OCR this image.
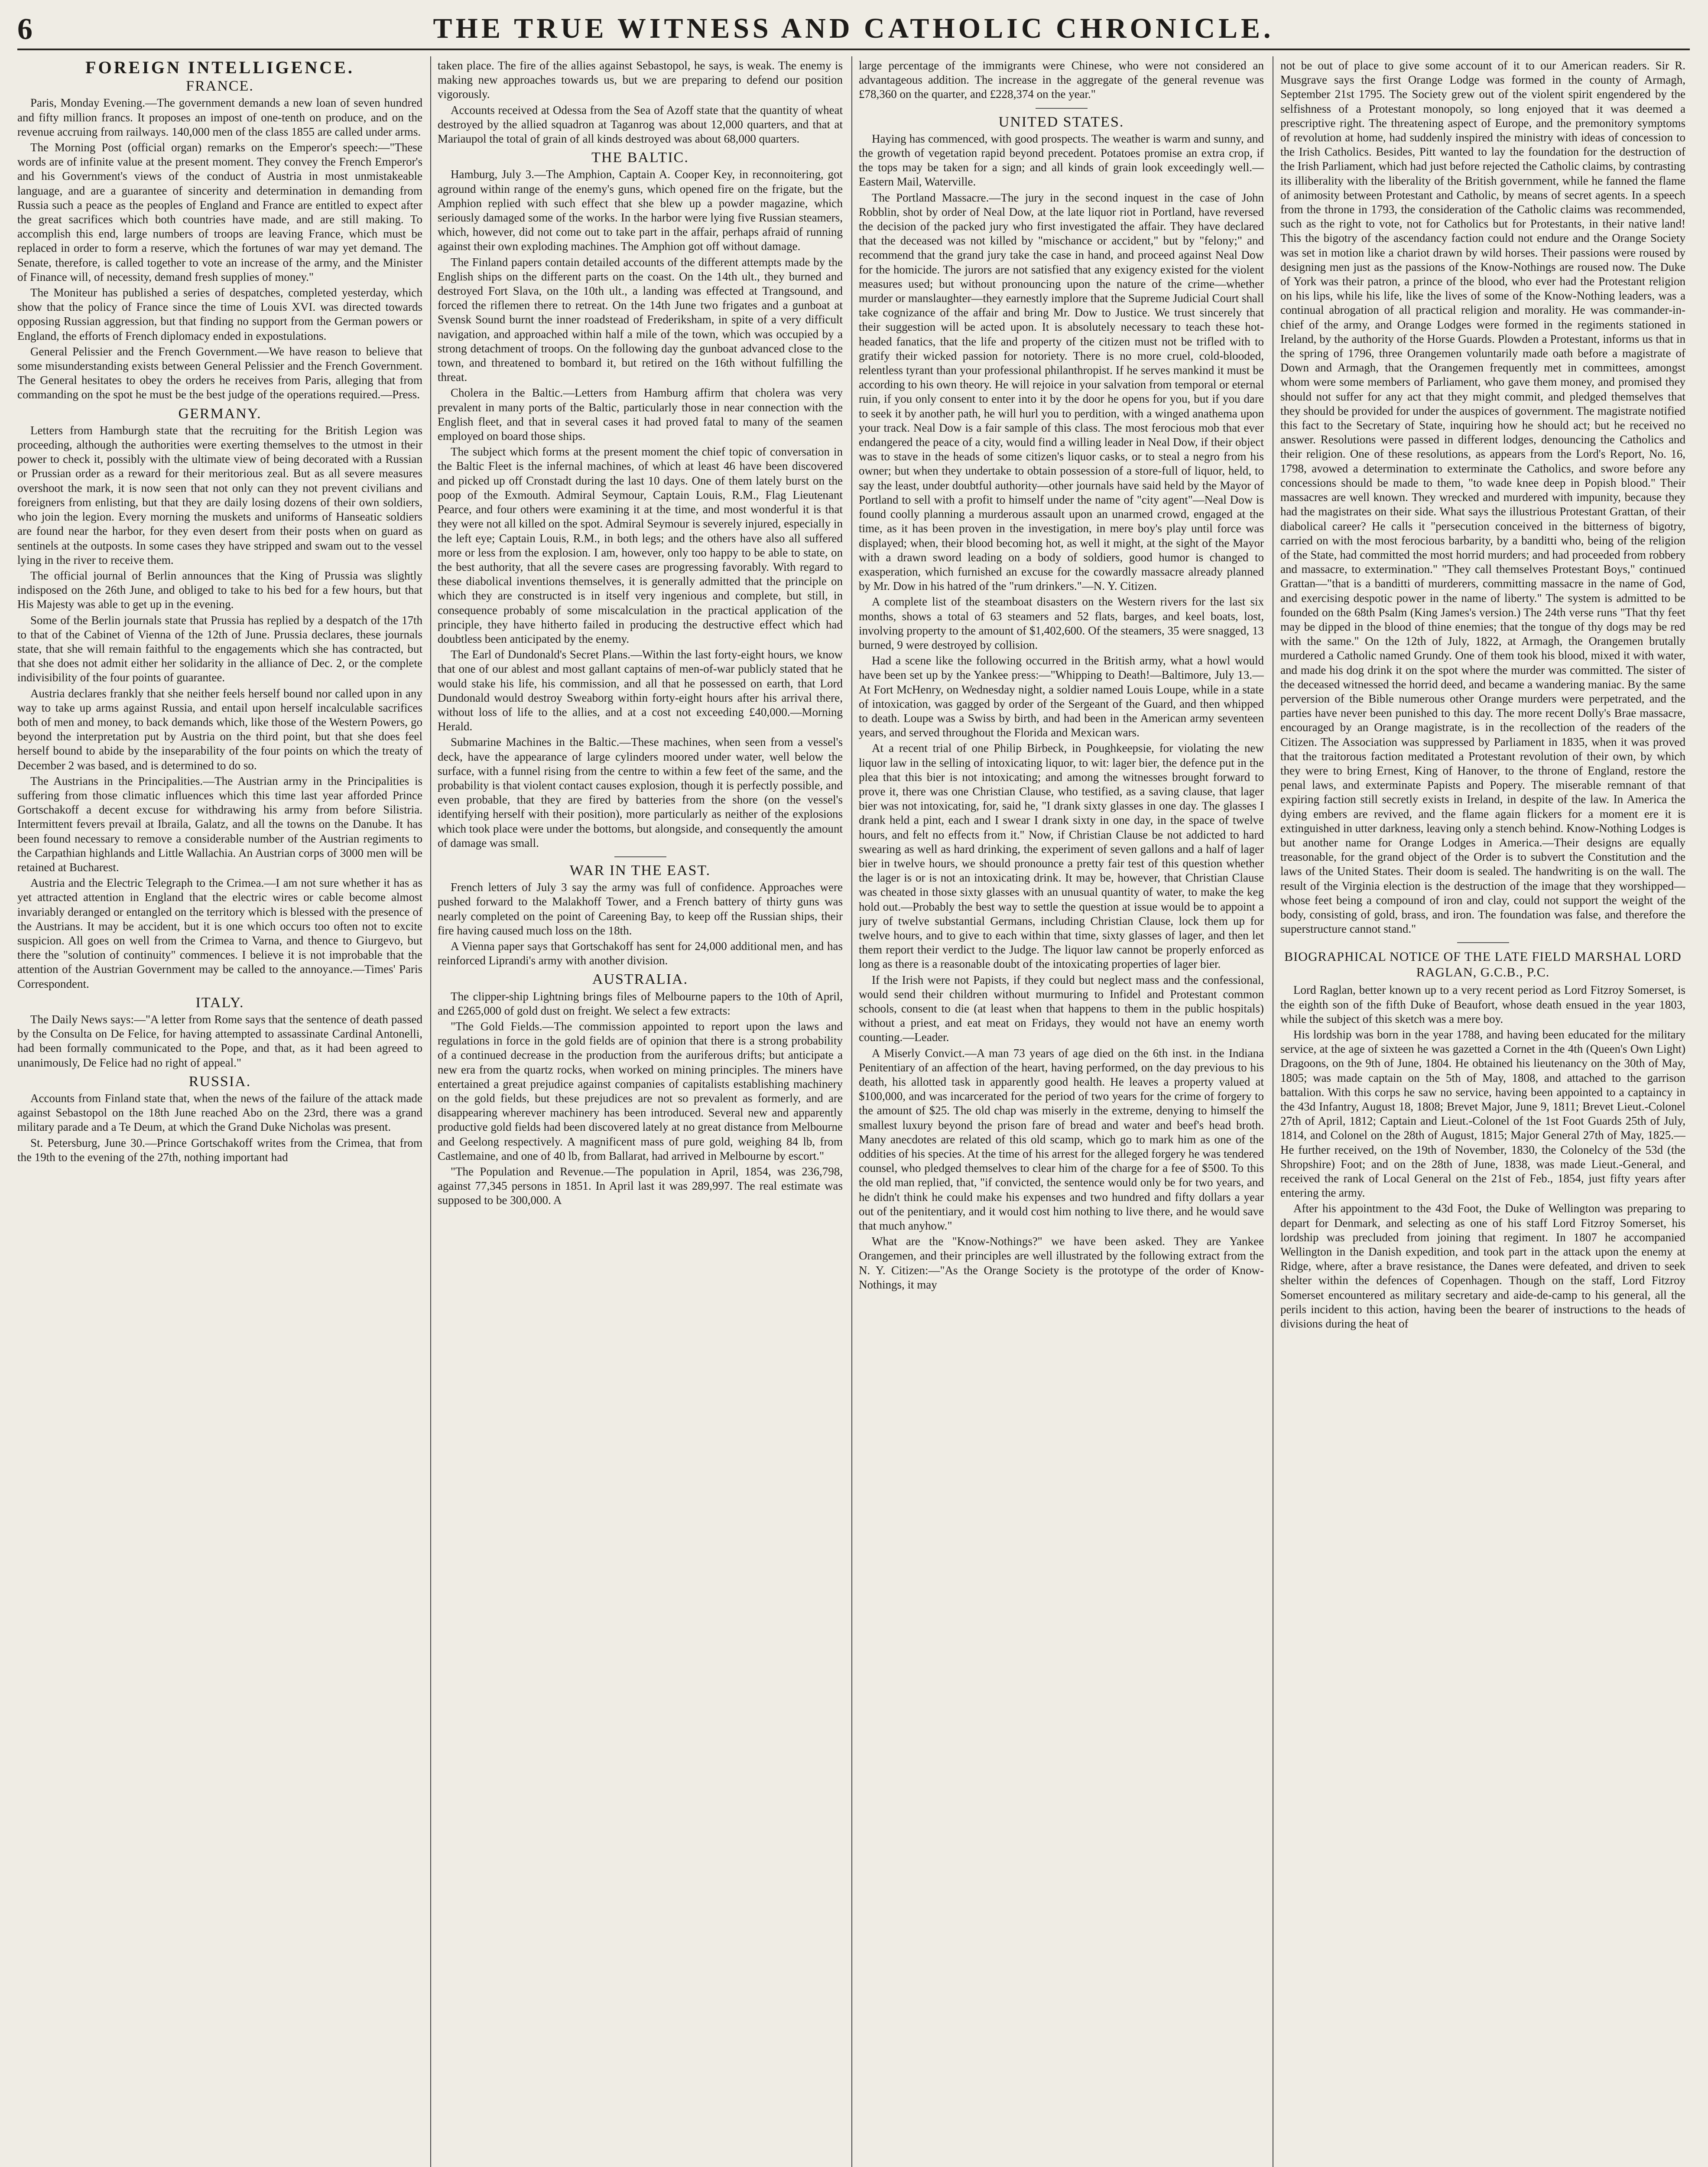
6	THE TRUE WITNESS AND CATHOLIC CHRONICLE.
FOREIGN INTELLIGENCE.
FRANCE.

Paris, Monday Evening.—The government demands a new loan of seven hundred and fifty million francs. It proposes an impost of one-tenth on produce, and on the revenue accruing from railways. 140,000 men of the class 1855 are called under arms.

The Morning Post (official organ) remarks on the Emperor's speech:—"These words are of infinite value at the present moment. They convey the French Emperor's and his Government's views of the conduct of Austria in most unmistakeable language, and are a guarantee of sincerity and determination in demanding from Russia such a peace as the peoples of England and France are entitled to expect after the great sacrifices which both countries have made, and are still making. To accomplish this end, large numbers of troops are leaving France, which must be replaced in order to form a reserve, which the fortunes of war may yet demand. The Senate, therefore, is called together to vote an increase of the army, and the Minister of Finance will, of necessity, demand fresh supplies of money."

The Moniteur has published a series of despatches, completed yesterday, which show that the policy of France since the time of Louis XVI. was directed towards opposing Russian aggression, but that finding no support from the German powers or England, the efforts of French diplomacy ended in expostulations.

General Pelissier and the French Government.—We have reason to believe that some misunderstanding exists between General Pelissier and the French Government. The General hesitates to obey the orders he receives from Paris, alleging that from commanding on the spot he must be the best judge of the operations required.—Press.

GERMANY.

Letters from Hamburgh state that the recruiting for the British Legion was proceeding, although the authorities were exerting themselves to the utmost in their power to check it, possibly with the ultimate view of being decorated with a Russian or Prussian order as a reward for their meritorious zeal. But as all severe measures overshoot the mark, it is now seen that not only can they not prevent civilians and foreigners from enlisting, but that they are daily losing dozens of their own soldiers, who join the legion. Every morning the muskets and uniforms of Hanseatic soldiers are found near the harbor, for they even desert from their posts when on guard as sentinels at the outposts. In some cases they have stripped and swam out to the vessel lying in the river to receive them.

The official journal of Berlin announces that the King of Prussia was slightly indisposed on the 26th June, and obliged to take to his bed for a few hours, but that His Majesty was able to get up in the evening.

Some of the Berlin journals state that Prussia has replied by a despatch of the 17th to that of the Cabinet of Vienna of the 12th of June. Prussia declares, these journals state, that she will remain faithful to the engagements which she has contracted, but that she does not admit either her solidarity in the alliance of Dec. 2, or the complete indivisibility of the four points of guarantee.

Austria declares frankly that she neither feels herself bound nor called upon in any way to take up arms against Russia, and entail upon herself incalculable sacrifices both of men and money, to back demands which, like those of the Western Powers, go beyond the interpretation put by Austria on the third point, but that she does feel herself bound to abide by the inseparability of the four points on which the treaty of December 2 was based, and is determined to do so.

The Austrians in the Principalities.—The Austrian army in the Principalities is suffering from those climatic influences which this time last year afforded Prince Gortschakoff a decent excuse for withdrawing his army from before Silistria. Intermittent fevers prevail at Ibraila, Galatz, and all the towns on the Danube. It has been found necessary to remove a considerable number of the Austrian regiments to the Carpathian highlands and Little Wallachia. An Austrian corps of 3000 men will be retained at Bucharest.

Austria and the Electric Telegraph to the Crimea.—I am not sure whether it has as yet attracted attention in England that the electric wires or cable become almost invariably deranged or entangled on the territory which is blessed with the presence of the Austrians. It may be accident, but it is one which occurs too often not to excite suspicion. All goes on well from the Crimea to Varna, and thence to Giurgevo, but there the "solution of continuity" commences. I believe it is not improbable that the attention of the Austrian Government may be called to the annoyance.—Times' Paris Correspondent.

ITALY.

The Daily News says:—"A letter from Rome says that the sentence of death passed by the Consulta on De Felice, for having attempted to assassinate Cardinal Antonelli, had been formally communicated to the Pope, and that, as it had been agreed to unanimously, De Felice had no right of appeal."

RUSSIA.

Accounts from Finland state that, when the news of the failure of the attack made against Sebastopol on the 18th June reached Abo on the 23rd, there was a grand military parade and a Te Deum, at which the Grand Duke Nicholas was present.

St. Petersburg, June 30.—Prince Gortschakoff writes from the Crimea, that from the 19th to the evening of the 27th, nothing important had

taken place. The fire of the allies against Sebastopol, he says, is weak. The enemy is making new approaches towards us, but we are preparing to defend our position vigorously.

Accounts received at Odessa from the Sea of Azoff state that the quantity of wheat destroyed by the allied squadron at Taganrog was about 12,000 quarters, and that at Mariaupol the total of grain of all kinds destroyed was about 68,000 quarters.

THE BALTIC.

Hamburg, July 3.—The Amphion, Captain A. Cooper Key, in reconnoitering, got aground within range of the enemy's guns, which opened fire on the frigate, but the Amphion replied with such effect that she blew up a powder magazine, which seriously damaged some of the works. In the harbor were lying five Russian steamers, which, however, did not come out to take part in the affair, perhaps afraid of running against their own exploding machines. The Amphion got off without damage.

The Finland papers contain detailed accounts of the different attempts made by the English ships on the different parts on the coast. On the 14th ult., they burned and destroyed Fort Slava, on the 10th ult., a landing was effected at Trangsound, and forced the riflemen there to retreat. On the 14th June two frigates and a gunboat at Svensk Sound burnt the inner roadstead of Frederiksham, in spite of a very difficult navigation, and approached within half a mile of the town, which was occupied by a strong detachment of troops. On the following day the gunboat advanced close to the town, and threatened to bombard it, but retired on the 16th without fulfilling the threat.

Cholera in the Baltic.—Letters from Hamburg affirm that cholera was very prevalent in many ports of the Baltic, particularly those in near connection with the English fleet, and that in several cases it had proved fatal to many of the seamen employed on board those ships.

The subject which forms at the present moment the chief topic of conversation in the Baltic Fleet is the infernal machines, of which at least 46 have been discovered and picked up off Cronstadt during the last 10 days. One of them lately burst on the poop of the Exmouth. Admiral Seymour, Captain Louis, R.M., Flag Lieutenant Pearce, and four others were examining it at the time, and most wonderful it is that they were not all killed on the spot. Admiral Seymour is severely injured, especially in the left eye; Captain Louis, R.M., in both legs; and the others have also all suffered more or less from the explosion. I am, however, only too happy to be able to state, on the best authority, that all the severe cases are progressing favorably. With regard to these diabolical inventions themselves, it is generally admitted that the principle on which they are constructed is in itself very ingenious and complete, but still, in consequence probably of some miscalculation in the practical application of the principle, they have hitherto failed in producing the destructive effect which had doubtless been anticipated by the enemy.

The Earl of Dundonald's Secret Plans.—Within the last forty-eight hours, we know that one of our ablest and most gallant captains of men-of-war publicly stated that he would stake his life, his commission, and all that he possessed on earth, that Lord Dundonald would destroy Sweaborg within forty-eight hours after his arrival there, without loss of life to the allies, and at a cost not exceeding £40,000.—Morning Herald.

Submarine Machines in the Baltic.—These machines, when seen from a vessel's deck, have the appearance of large cylinders moored under water, well below the surface, with a funnel rising from the centre to within a few feet of the same, and the probability is that violent contact causes explosion, though it is perfectly possible, and even probable, that they are fired by batteries from the shore (on the vessel's identifying herself with their position), more particularly as neither of the explosions which took place were under the bottoms, but alongside, and consequently the amount of damage was small.

WAR IN THE EAST.

French letters of July 3 say the army was full of confidence. Approaches were pushed forward to the Malakhoff Tower, and a French battery of thirty guns was nearly completed on the point of Careening Bay, to keep off the Russian ships, their fire having caused much loss on the 18th.

A Vienna paper says that Gortschakoff has sent for 24,000 additional men, and has reinforced Liprandi's army with another division.

AUSTRALIA.

The clipper-ship Lightning brings files of Melbourne papers to the 10th of April, and £265,000 of gold dust on freight. We select a few extracts:

"The Gold Fields.—The commission appointed to report upon the laws and regulations in force in the gold fields are of opinion that there is a strong probability of a continued decrease in the production from the auriferous drifts; but anticipate a new era from the quartz rocks, when worked on mining principles. The miners have entertained a great prejudice against companies of capitalists establishing machinery on the gold fields, but these prejudices are not so prevalent as formerly, and are disappearing wherever machinery has been introduced. Several new and apparently productive gold fields had been discovered lately at no great distance from Melbourne and Geelong respectively. A magnificent mass of pure gold, weighing 84 lb, from Castlemaine, and one of 40 lb, from Ballarat, had arrived in Melbourne by escort."

"The Population and Revenue.—The population in April, 1854, was 236,798, against 77,345 persons in 1851. In April last it was 289,997. The real estimate was supposed to be 300,000. A

large percentage of the immigrants were Chinese, who were not considered an advantageous addition. The increase in the aggregate of the general revenue was £78,360 on the quarter, and £228,374 on the year."

UNITED STATES.

Haying has commenced, with good prospects. The weather is warm and sunny, and the growth of vegetation rapid beyond precedent. Potatoes promise an extra crop, if the tops may be taken for a sign; and all kinds of grain look exceedingly well.—Eastern Mail, Waterville.

The Portland Massacre.—The jury in the second inquest in the case of John Robblin, shot by order of Neal Dow, at the late liquor riot in Portland, have reversed the decision of the packed jury who first investigated the affair. They have declared that the deceased was not killed by "mischance or accident," but by "felony;" and recommend that the grand jury take the case in hand, and proceed against Neal Dow for the homicide. The jurors are not satisfied that any exigency existed for the violent measures used; but without pronouncing upon the nature of the crime—whether murder or manslaughter—they earnestly implore that the Supreme Judicial Court shall take cognizance of the affair and bring Mr. Dow to Justice. We trust sincerely that their suggestion will be acted upon. It is absolutely necessary to teach these hot-headed fanatics, that the life and property of the citizen must not be trifled with to gratify their wicked passion for notoriety. There is no more cruel, cold-blooded, relentless tyrant than your professional philanthropist. If he serves mankind it must be according to his own theory. He will rejoice in your salvation from temporal or eternal ruin, if you only consent to enter into it by the door he opens for you, but if you dare to seek it by another path, he will hurl you to perdition, with a winged anathema upon your track. Neal Dow is a fair sample of this class. The most ferocious mob that ever endangered the peace of a city, would find a willing leader in Neal Dow, if their object was to stave in the heads of some citizen's liquor casks, or to steal a negro from his owner; but when they undertake to obtain possession of a store-full of liquor, held, to say the least, under doubtful authority—other journals have said held by the Mayor of Portland to sell with a profit to himself under the name of "city agent"—Neal Dow is found coolly planning a murderous assault upon an unarmed crowd, engaged at the time, as it has been proven in the investigation, in mere boy's play until force was displayed; when, their blood becoming hot, as well it might, at the sight of the Mayor with a drawn sword leading on a body of soldiers, good humor is changed to exasperation, which furnished an excuse for the cowardly massacre already planned by Mr. Dow in his hatred of the "rum drinkers."—N. Y. Citizen.

A complete list of the steamboat disasters on the Western rivers for the last six months, shows a total of 63 steamers and 52 flats, barges, and keel boats, lost, involving property to the amount of $1,402,600. Of the steamers, 35 were snagged, 13 burned, 9 were destroyed by collision.

Had a scene like the following occurred in the British army, what a howl would have been set up by the Yankee press:—"Whipping to Death!—Baltimore, July 13.—At Fort McHenry, on Wednesday night, a soldier named Louis Loupe, while in a state of intoxication, was gagged by order of the Sergeant of the Guard, and then whipped to death. Loupe was a Swiss by birth, and had been in the American army seventeen years, and served throughout the Florida and Mexican wars.

At a recent trial of one Philip Birbeck, in Poughkeepsie, for violating the new liquor law in the selling of intoxicating liquor, to wit: lager bier, the defence put in the plea that this bier is not intoxicating; and among the witnesses brought forward to prove it, there was one Christian Clause, who testified, as a saving clause, that lager bier was not intoxicating, for, said he, "I drank sixty glasses in one day. The glasses I drank held a pint, each and I swear I drank sixty in one day, in the space of twelve hours, and felt no effects from it." Now, if Christian Clause be not addicted to hard swearing as well as hard drinking, the experiment of seven gallons and a half of lager bier in twelve hours, we should pronounce a pretty fair test of this question whether the lager is or is not an intoxicating drink. It may be, however, that Christian Clause was cheated in those sixty glasses with an unusual quantity of water, to make the keg hold out.—Probably the best way to settle the question at issue would be to appoint a jury of twelve substantial Germans, including Christian Clause, lock them up for twelve hours, and to give to each within that time, sixty glasses of lager, and then let them report their verdict to the Judge. The liquor law cannot be properly enforced as long as there is a reasonable doubt of the intoxicating properties of lager bier.

If the Irish were not Papists, if they could but neglect mass and the confessional, would send their children without murmuring to Infidel and Protestant common schools, consent to die (at least when that happens to them in the public hospitals) without a priest, and eat meat on Fridays, they would not have an enemy worth counting.—Leader.

A Miserly Convict.—A man 73 years of age died on the 6th inst. in the Indiana Penitentiary of an affection of the heart, having performed, on the day previous to his death, his allotted task in apparently good health. He leaves a property valued at $100,000, and was incarcerated for the period of two years for the crime of forgery to the amount of $25. The old chap was miserly in the extreme, denying to himself the smallest luxury beyond the prison fare of bread and water and beef's head broth. Many anecdotes are related of this old scamp, which go to mark him as one of the oddities of his species. At the time of his arrest for the alleged forgery he was tendered counsel, who pledged themselves to clear him of the charge for a fee of $500. To this the old man replied, that, "if convicted, the sentence would only be for two years, and he didn't think he could make his expenses and two hundred and fifty dollars a year out of the penitentiary, and it would cost him nothing to live there, and he would save that much anyhow."

What are the "Know-Nothings?" we have been asked. They are Yankee Orangemen, and their principles are well illustrated by the following extract from the N. Y. Citizen:—"As the Orange Society is the prototype of the order of Know-Nothings, it may

not be out of place to give some account of it to our American readers. Sir R. Musgrave says the first Orange Lodge was formed in the county of Armagh, September 21st 1795. The Society grew out of the violent spirit engendered by the selfishness of a Protestant monopoly, so long enjoyed that it was deemed a prescriptive right. The threatening aspect of Europe, and the premonitory symptoms of revolution at home, had suddenly inspired the ministry with ideas of concession to the Irish Catholics. Besides, Pitt wanted to lay the foundation for the destruction of the Irish Parliament, which had just before rejected the Catholic claims, by contrasting its illiberality with the liberality of the British government, while he fanned the flame of animosity between Protestant and Catholic, by means of secret agents. In a speech from the throne in 1793, the consideration of the Catholic claims was recommended, such as the right to vote, not for Catholics but for Protestants, in their native land! This the bigotry of the ascendancy faction could not endure and the Orange Society was set in motion like a chariot drawn by wild horses. Their passions were roused by designing men just as the passions of the Know-Nothings are roused now. The Duke of York was their patron, a prince of the blood, who ever had the Protestant religion on his lips, while his life, like the lives of some of the Know-Nothing leaders, was a continual abrogation of all practical religion and morality. He was commander-in-chief of the army, and Orange Lodges were formed in the regiments stationed in Ireland, by the authority of the Horse Guards. Plowden a Protestant, informs us that in the spring of 1796, three Orangemen voluntarily made oath before a magistrate of Down and Armagh, that the Orangemen frequently met in committees, amongst whom were some members of Parliament, who gave them money, and promised they should not suffer for any act that they might commit, and pledged themselves that they should be provided for under the auspices of government. The magistrate notified this fact to the Secretary of State, inquiring how he should act; but he received no answer. Resolutions were passed in different lodges, denouncing the Catholics and their religion. One of these resolutions, as appears from the Lord's Report, No. 16, 1798, avowed a determination to exterminate the Catholics, and swore before any concessions should be made to them, "to wade knee deep in Popish blood." Their massacres are well known. They wrecked and murdered with impunity, because they had the magistrates on their side. What says the illustrious Protestant Grattan, of their diabolical career? He calls it "persecution conceived in the bitterness of bigotry, carried on with the most ferocious barbarity, by a banditti who, being of the religion of the State, had committed the most horrid murders; and had proceeded from robbery and massacre, to extermination." "They call themselves Protestant Boys," continued Grattan—"that is a banditti of murderers, committing massacre in the name of God, and exercising despotic power in the name of liberty." The system is admitted to be founded on the 68th Psalm (King James's version.) The 24th verse runs "That thy feet may be dipped in the blood of thine enemies; that the tongue of thy dogs may be red with the same." On the 12th of July, 1822, at Armagh, the Orangemen brutally murdered a Catholic named Grundy. One of them took his blood, mixed it with water, and made his dog drink it on the spot where the murder was committed. The sister of the deceased witnessed the horrid deed, and became a wandering maniac. By the same perversion of the Bible numerous other Orange murders were perpetrated, and the parties have never been punished to this day. The more recent Dolly's Brae massacre, encouraged by an Orange magistrate, is in the recollection of the readers of the Citizen. The Association was suppressed by Parliament in 1835, when it was proved that the traitorous faction meditated a Protestant revolution of their own, by which they were to bring Ernest, King of Hanover, to the throne of England, restore the penal laws, and exterminate Papists and Popery. The miserable remnant of that expiring faction still secretly exists in Ireland, in despite of the law. In America the dying embers are revived, and the flame again flickers for a moment ere it is extinguished in utter darkness, leaving only a stench behind. Know-Nothing Lodges is but another name for Orange Lodges in America.—Their designs are equally treasonable, for the grand object of the Order is to subvert the Constitution and the laws of the United States. Their doom is sealed. The handwriting is on the wall. The result of the Virginia election is the destruction of the image that they worshipped—whose feet being a compound of iron and clay, could not support the weight of the body, consisting of gold, brass, and iron. The foundation was false, and therefore the superstructure cannot stand."

BIOGRAPHICAL NOTICE OF THE LATE FIELD MARSHAL LORD RAGLAN, G.C.B., P.C.

Lord Raglan, better known up to a very recent period as Lord Fitzroy Somerset, is the eighth son of the fifth Duke of Beaufort, whose death ensued in the year 1803, while the subject of this sketch was a mere boy.

His lordship was born in the year 1788, and having been educated for the military service, at the age of sixteen he was gazetted a Cornet in the 4th (Queen's Own Light) Dragoons, on the 9th of June, 1804. He obtained his lieutenancy on the 30th of May, 1805; was made captain on the 5th of May, 1808, and attached to the garrison battalion. With this corps he saw no service, having been appointed to a captaincy in the 43d Infantry, August 18, 1808; Brevet Major, June 9, 1811; Brevet Lieut.-Colonel 27th of April, 1812; Captain and Lieut.-Colonel of the 1st Foot Guards 25th of July, 1814, and Colonel on the 28th of August, 1815; Major General 27th of May, 1825.—He further received, on the 19th of November, 1830, the Colonelcy of the 53d (the Shropshire) Foot; and on the 28th of June, 1838, was made Lieut.-General, and received the rank of Local General on the 21st of Feb., 1854, just fifty years after entering the army.

After his appointment to the 43d Foot, the Duke of Wellington was preparing to depart for Denmark, and selecting as one of his staff Lord Fitzroy Somerset, his lordship was precluded from joining that regiment. In 1807 he accompanied Wellington in the Danish expedition, and took part in the attack upon the enemy at Ridge, where, after a brave resistance, the Danes were defeated, and driven to seek shelter within the defences of Copenhagen. Though on the staff, Lord Fitzroy Somerset encountered as military secretary and aide-de-camp to his general, all the perils incident to this action, having been the bearer of instructions to the heads of divisions during the heat of
